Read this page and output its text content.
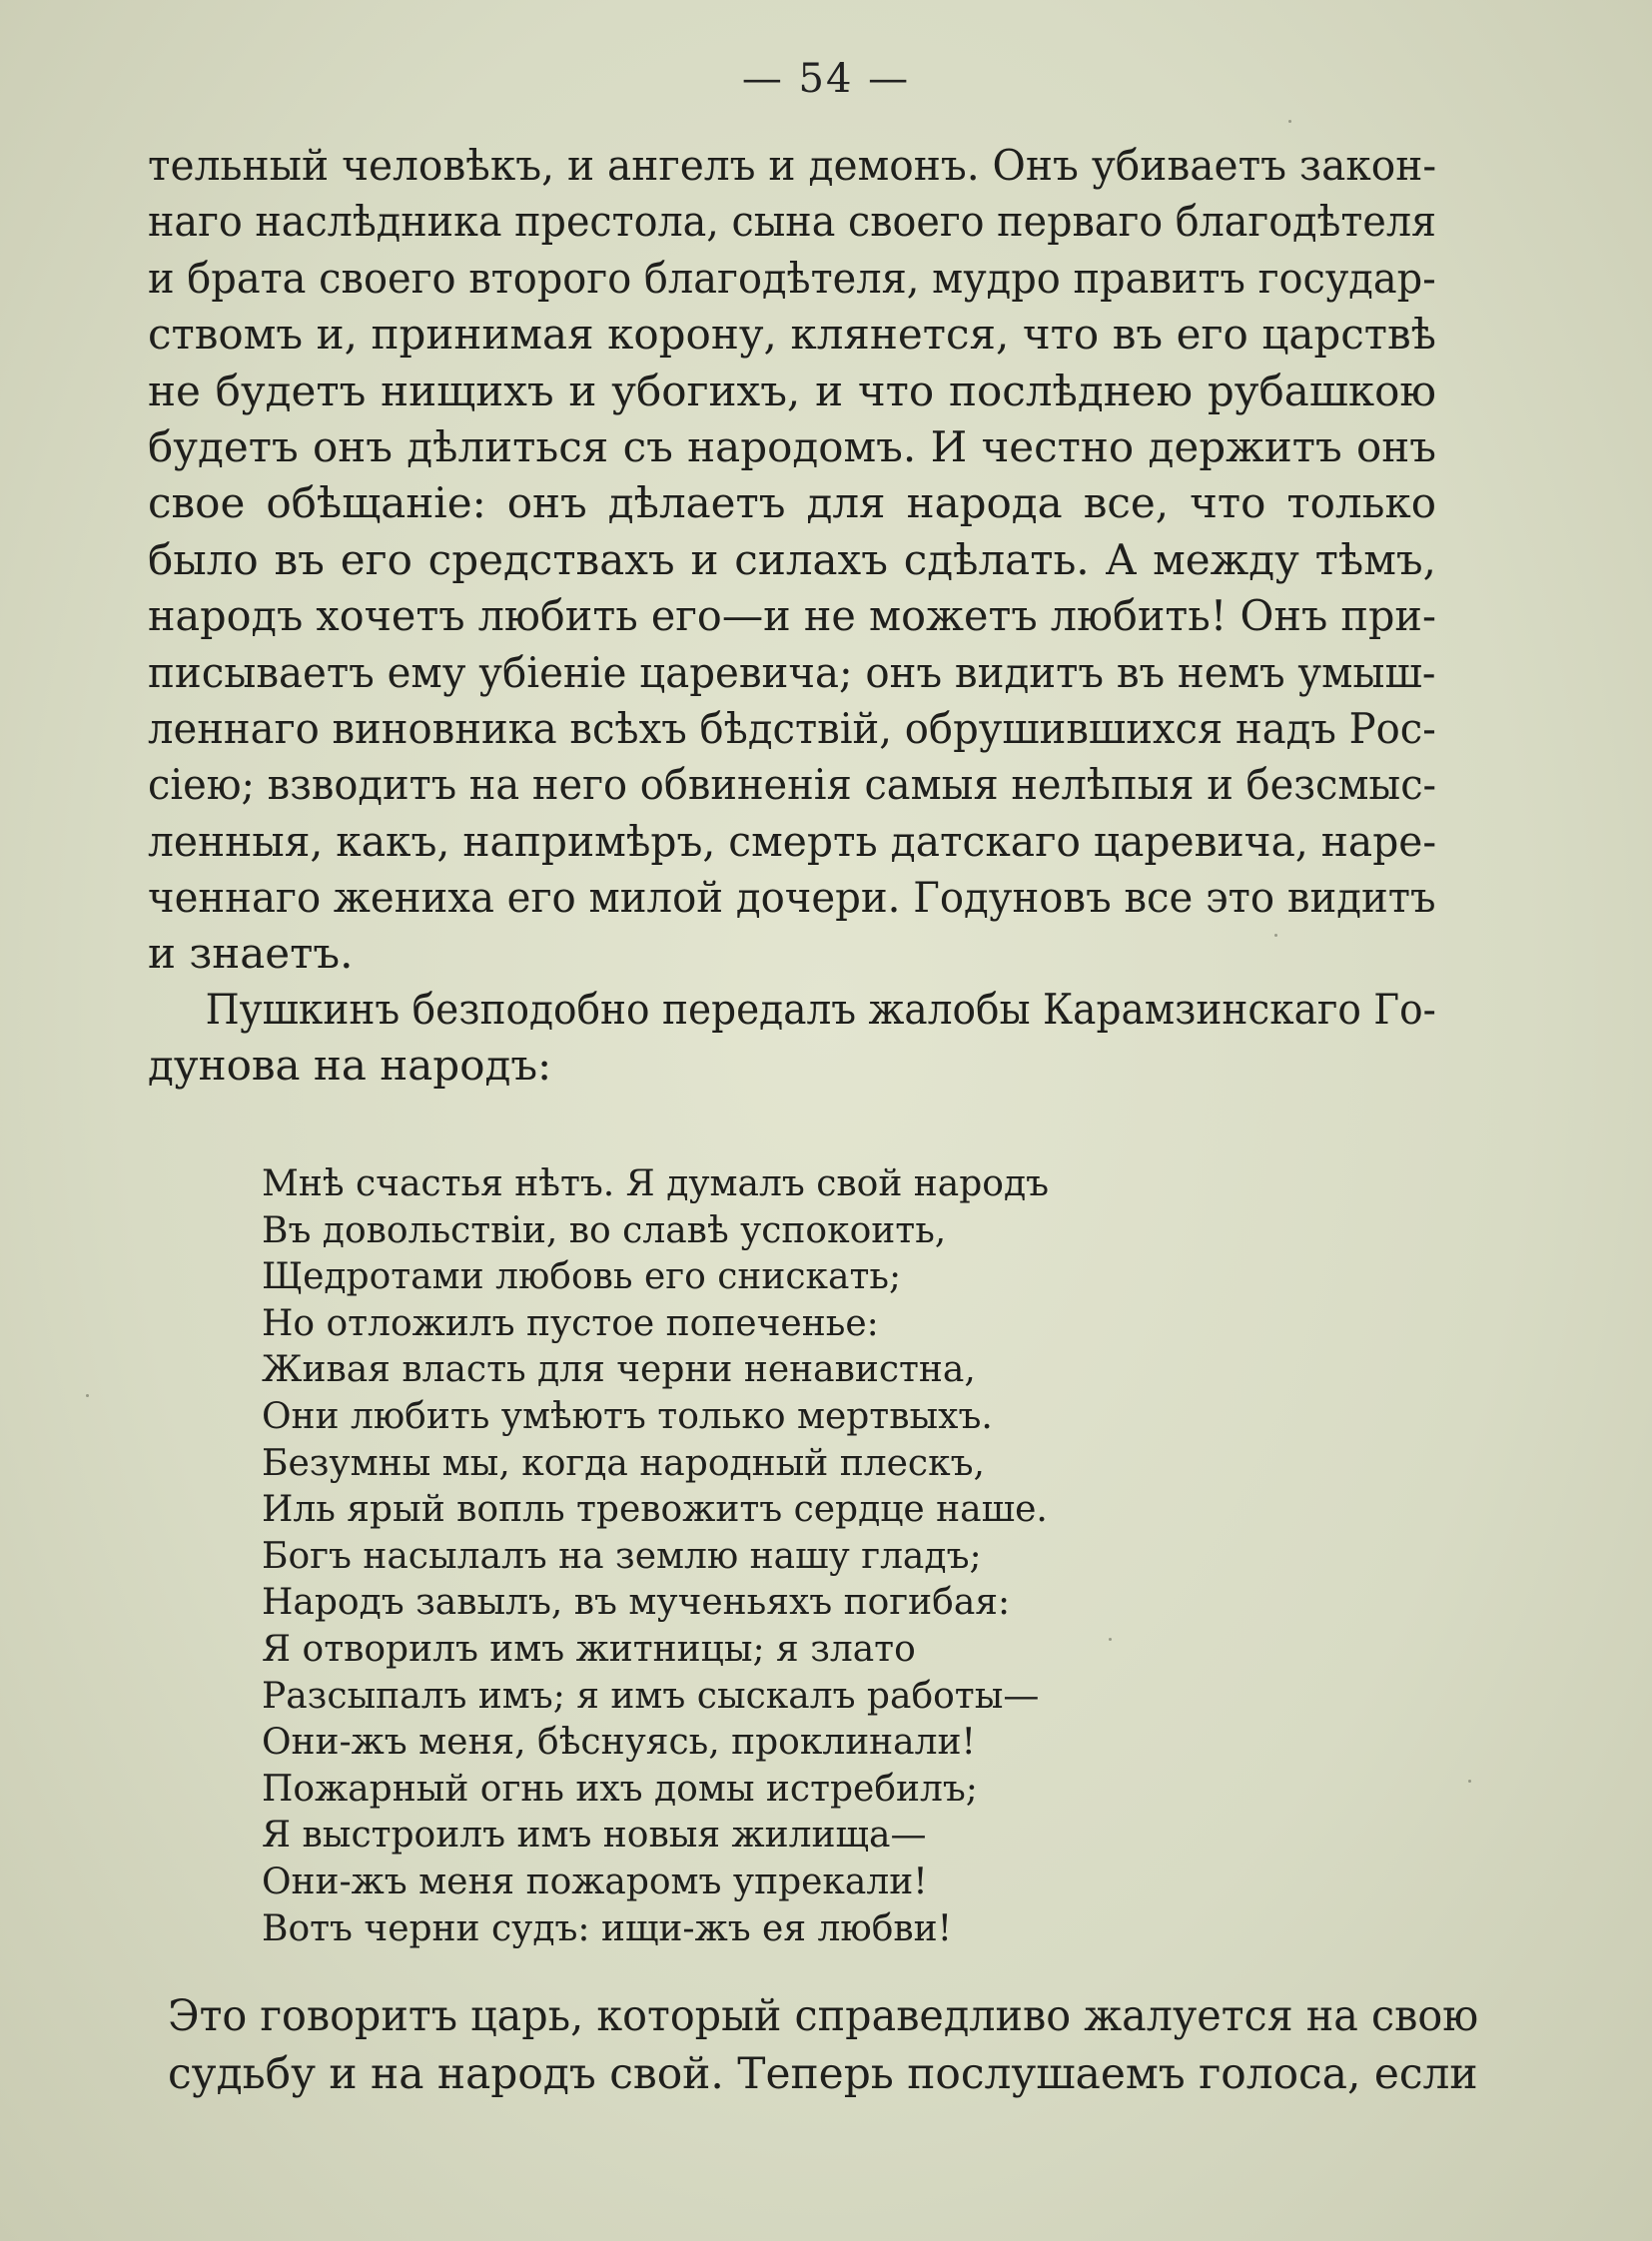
— 54 —
тельный человѣкъ, и ангелъ и демонъ. Онъ убиваетъ закон-
наго наслѣдника престола, сына своего перваго благодѣтеля
и брата своего второго благодѣтеля, мудро правитъ государ-
ствомъ и, принимая корону, клянется, что въ его царствѣ
не будетъ нищихъ и убогихъ, и что послѣднею рубашкою
будетъ онъ дѣлиться съ народомъ. И честно держитъ онъ
свое обѣщаніе: онъ дѣлаетъ для народа все, что только
было въ его средствахъ и силахъ сдѣлать. А между тѣмъ,
народъ хочетъ любить его—и не можетъ любить! Онъ при-
писываетъ ему убіеніе царевича; онъ видитъ въ немъ умыш-
леннаго виновника всѣхъ бѣдствій, обрушившихся надъ Рос-
сіею; взводитъ на него обвиненія самыя нелѣпыя и безсмыс-
ленныя, какъ, напримѣръ, смерть датскаго царевича, наре-
ченнаго жениха его милой дочери. Годуновъ все это видитъ
и знаетъ.
Пушкинъ безподобно передалъ жалобы Карамзинскаго Го-
дунова на народъ:
Мнѣ счастья нѣтъ. Я думалъ свой народъ
Въ довольствіи, во славѣ успокоить,
Щедротами любовь его снискать;
Но отложилъ пустое попеченье:
Живая власть для черни ненавистна,
Они любить умѣютъ только мертвыхъ.
Безумны мы, когда народный плескъ,
Иль ярый вопль тревожитъ сердце наше.
Богъ насылалъ на землю нашу гладъ;
Народъ завылъ, въ мученьяхъ погибая:
Я отворилъ имъ житницы; я злато
Разсыпалъ имъ; я имъ сыскалъ работы—
Они-жъ меня, бѣснуясь, проклинали!
Пожарный огнь ихъ домы истребилъ;
Я выстроилъ имъ новыя жилища—
Они-жъ меня пожаромъ упрекали!
Вотъ черни судъ: ищи-жъ ея любви!
Это говоритъ царь, который справедливо жалуется на свою
судьбу и на народъ свой. Теперь послушаемъ голоса, если
